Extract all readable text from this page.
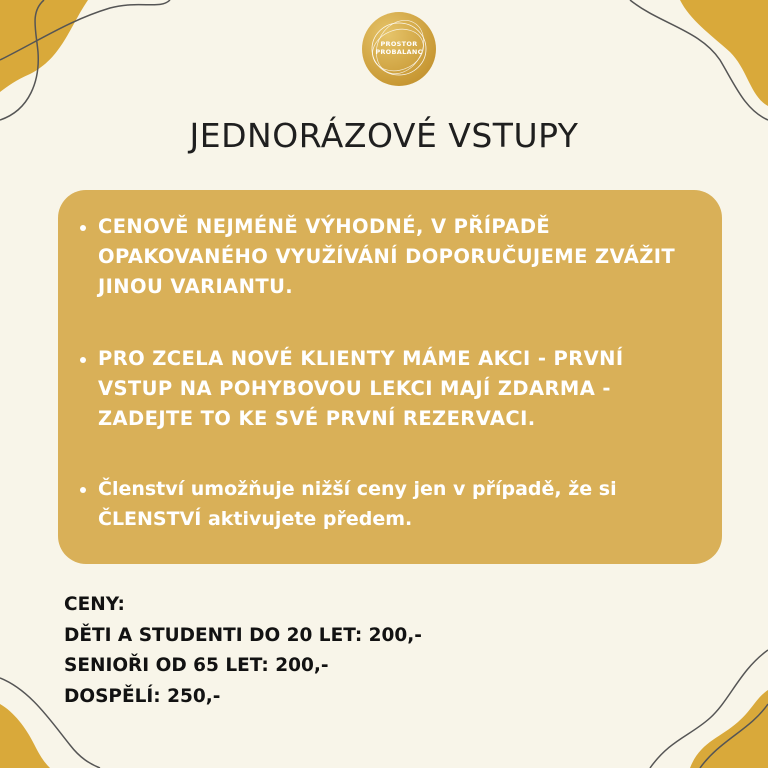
PROSTOR
PROBALANC
JEDNORÁZOVÉ VSTUPY
CENOVĚ NEJMÉNĚ VÝHODNÉ, V PŘÍPADĚ OPAKOVANÉHO VYUŽÍVÁNÍ DOPORUČUJEME ZVÁŽIT JINOU VARIANTU.
PRO ZCELA NOVÉ KLIENTY MÁME AKCI - PRVNÍ VSTUP NA POHYBOVOU LEKCI MAJÍ ZDARMA - ZADEJTE TO KE SVÉ PRVNÍ REZERVACI.
Členství umožňuje nižší ceny jen v případě, že si ČLENSTVÍ aktivujete předem.
CENY:
DĚTI A STUDENTI DO 20 LET: 200,-
SENIOŘI OD 65 LET: 200,-
DOSPĚLÍ: 250,-
